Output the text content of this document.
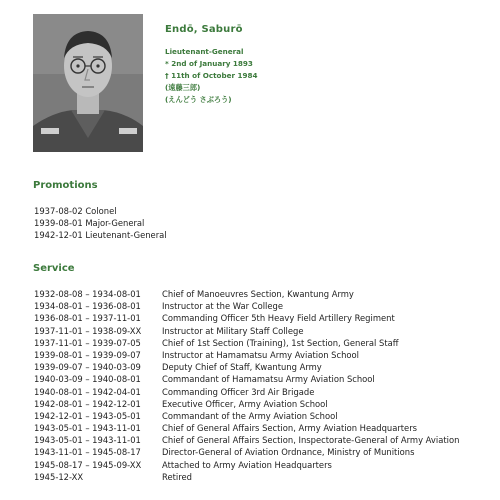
Endō, Saburō
Lieutenant-General
* 2nd of January 1893
† 11th of October 1984
(遠藤三郎)
(えんどう さぶろう)
Promotions
1937-08-02 Colonel
1939-08-01 Major-General
1942-12-01 Lieutenant-General
Service
1932-08-08 – 1934-08-01	Chief of Manoeuvres Section, Kwantung Army
1934-08-01 – 1936-08-01	Instructor at the War College
1936-08-01 – 1937-11-01	Commanding Officer 5th Heavy Field Artillery Regiment
1937-11-01 – 1938-09-XX	Instructor at Military Staff College
1937-11-01 – 1939-07-05	Chief of 1st Section (Training), 1st Section, General Staff
1939-08-01 – 1939-09-07	Instructor at Hamamatsu Army Aviation School
1939-09-07 – 1940-03-09	Deputy Chief of Staff, Kwantung Army
1940-03-09 – 1940-08-01	Commandant of Hamamatsu Army Aviation School
1940-08-01 – 1942-04-01	Commanding Officer 3rd Air Brigade
1942-08-01 – 1942-12-01	Executive Officer, Army Aviation School
1942-12-01 – 1943-05-01	Commandant of the Army Aviation School
1943-05-01 – 1943-11-01	Chief of General Affairs Section, Army Aviation Headquarters
1943-05-01 – 1943-11-01	Chief of General Affairs Section, Inspectorate-General of Army Aviation
1943-11-01 – 1945-08-17	Director-General of Aviation Ordnance, Ministry of Munitions
1945-08-17 – 1945-09-XX	Attached to Army Aviation Headquarters
1945-12-XX	Retired
